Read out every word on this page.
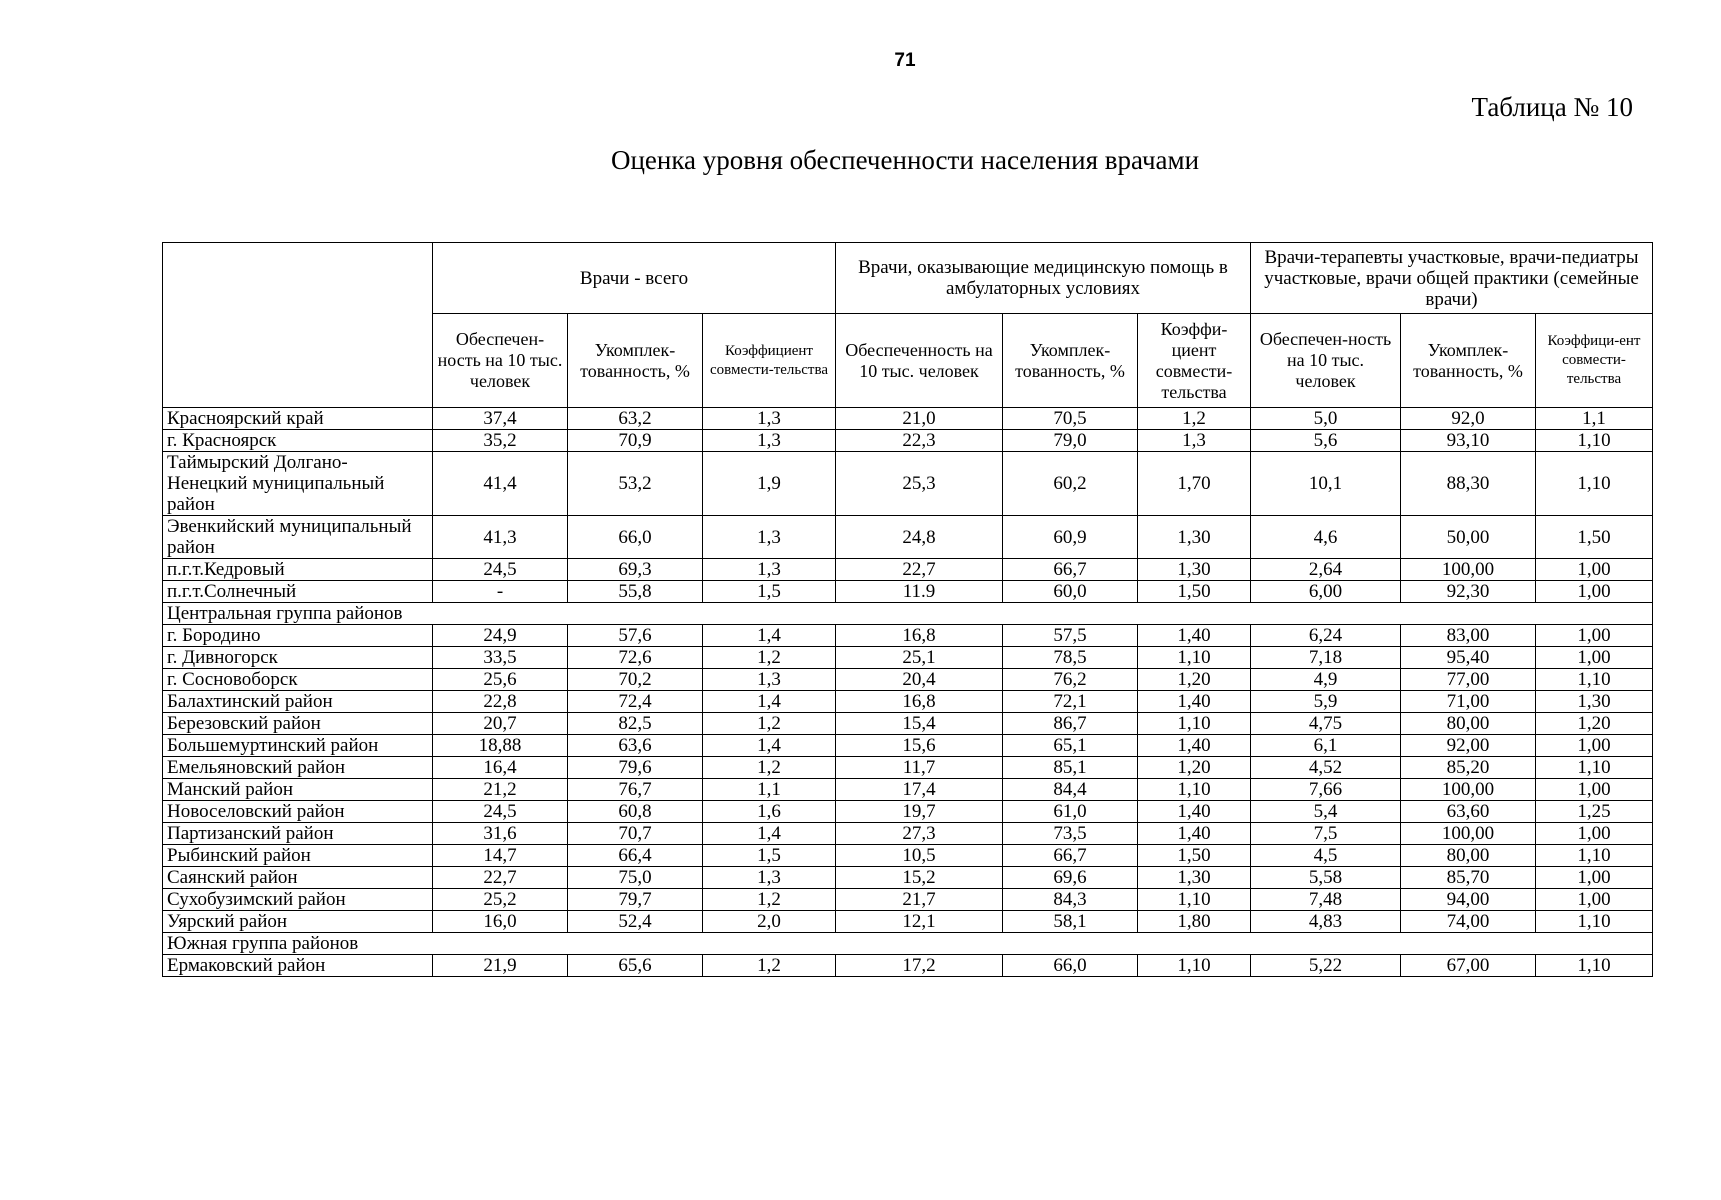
71
Таблица № 10
Оценка уровня обеспеченности населения врачами
	Врачи - всего			Врачи, оказывающие медицинскую помощь в амбулаторных условиях			Врачи-терапевты участковые, врачи-педиатры участковые, врачи общей практики (семейные врачи)		
	Обеспечен-ность на 10 тыс. человек	Укомплек-тованность, %	Коэффициент совмести-тельства	Обеспеченность на 10 тыс. человек	Укомплек-тованность, %	Коэффи-циент совмести-тельства	Обеспечен-ность на 10 тыс. человек	Укомплек-тованность, %	Коэффици-ент совмести-тельства
Красноярский край	37,4	63,2	1,3	21,0	70,5	1,2	5,0	92,0	1,1
г. Красноярск	35,2	70,9	1,3	22,3	79,0	1,3	5,6	93,10	1,10
Таймырский Долгано-Ненецкий муниципальный район	41,4	53,2	1,9	25,3	60,2	1,70	10,1	88,30	1,10
Эвенкийский муниципальный район	41,3	66,0	1,3	24,8	60,9	1,30	4,6	50,00	1,50
п.г.т.Кедровый	24,5	69,3	1,3	22,7	66,7	1,30	2,64	100,00	1,00
п.г.т.Солнечный	-	55,8	1,5	11.9	60,0	1,50	6,00	92,30	1,00
Центральная группа районов									
г. Бородино	24,9	57,6	1,4	16,8	57,5	1,40	6,24	83,00	1,00
г. Дивногорск	33,5	72,6	1,2	25,1	78,5	1,10	7,18	95,40	1,00
г. Сосновоборск	25,6	70,2	1,3	20,4	76,2	1,20	4,9	77,00	1,10
Балахтинский район	22,8	72,4	1,4	16,8	72,1	1,40	5,9	71,00	1,30
Березовский район	20,7	82,5	1,2	15,4	86,7	1,10	4,75	80,00	1,20
Большемуртинский район	18,88	63,6	1,4	15,6	65,1	1,40	6,1	92,00	1,00
Емельяновский район	16,4	79,6	1,2	11,7	85,1	1,20	4,52	85,20	1,10
Манский район	21,2	76,7	1,1	17,4	84,4	1,10	7,66	100,00	1,00
Новоселовский район	24,5	60,8	1,6	19,7	61,0	1,40	5,4	63,60	1,25
Партизанский район	31,6	70,7	1,4	27,3	73,5	1,40	7,5	100,00	1,00
Рыбинский район	14,7	66,4	1,5	10,5	66,7	1,50	4,5	80,00	1,10
Саянский район	22,7	75,0	1,3	15,2	69,6	1,30	5,58	85,70	1,00
Сухобузимский район	25,2	79,7	1,2	21,7	84,3	1,10	7,48	94,00	1,00
Уярский район	16,0	52,4	2,0	12,1	58,1	1,80	4,83	74,00	1,10
Южная группа районов									
Ермаковский район	21,9	65,6	1,2	17,2	66,0	1,10	5,22	67,00	1,10
